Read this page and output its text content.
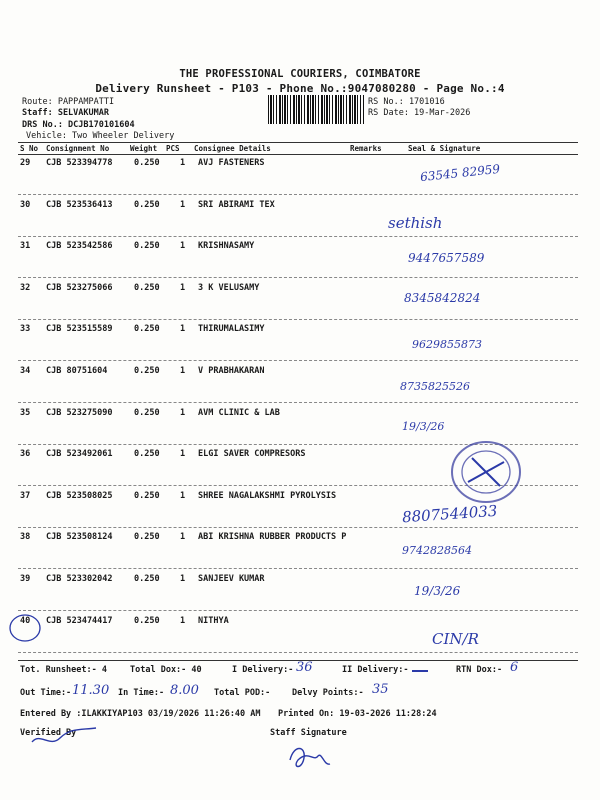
THE PROFESSIONAL COURIERS, COIMBATORE
Delivery Runsheet - P103 - Phone No.:9047080280 - Page No.:4
Route: PAPPAMPATTI
Staff: SELVAKUMAR
DRS No.: DCJB170101604
Vehicle: Two Wheeler Delivery
RS No.: 1701016
RS Date: 19-Mar-2026
S No Consignment No	Weight PCS Consignee Details	Remarks	Seal & Signature
29 CJB 523394778	0.250 1 AVJ FASTENERS	63545 82959
30 CJB 523536413	0.250 1 SRI ABIRAMI TEX
sethish
31 CJB 523542586	0.250 1 KRISHNASAMY
9447657589
32 CJB 523275066	0.250 1 3 K VELUSAMY
8345842824
33 CJB 523515589	0.250 1 THIRUMALASIMY
9629855873
34 CJB 80751604	0.250 1 V PRABHAKARAN
8735825526
35 CJB 523275090	0.250 1 AVM CLINIC & LAB
19/3/26
36 CJB 523492061	0.250 1 ELGI SAVER COMPRESORS
37 CJB 523508025	0.250 1 SHREE NAGALAKSHMI PYROLYSIS
8807544033
38 CJB 523508124	0.250 1 ABI KRISHNA RUBBER PRODUCTS P
9742828564
39 CJB 523302042	0.250 1 SANJEEV KUMAR
19/3/26
40 CJB 523474417	0.250 1 NITHYA
CIN/R
Tot. Runsheet:- 4	Total Dox:- 40	I Delivery:- 36	II Delivery:-	RTN Dox:- 6
Out Time:- 11.30 In Time:- 8.00 Total POD:-	Delvy Points:- 35
Entered By :ILAKKIYAP103 03/19/2026 11:26:40 AM Printed On: 19-03-2026 11:28:24
Verified By	Staff Signature
